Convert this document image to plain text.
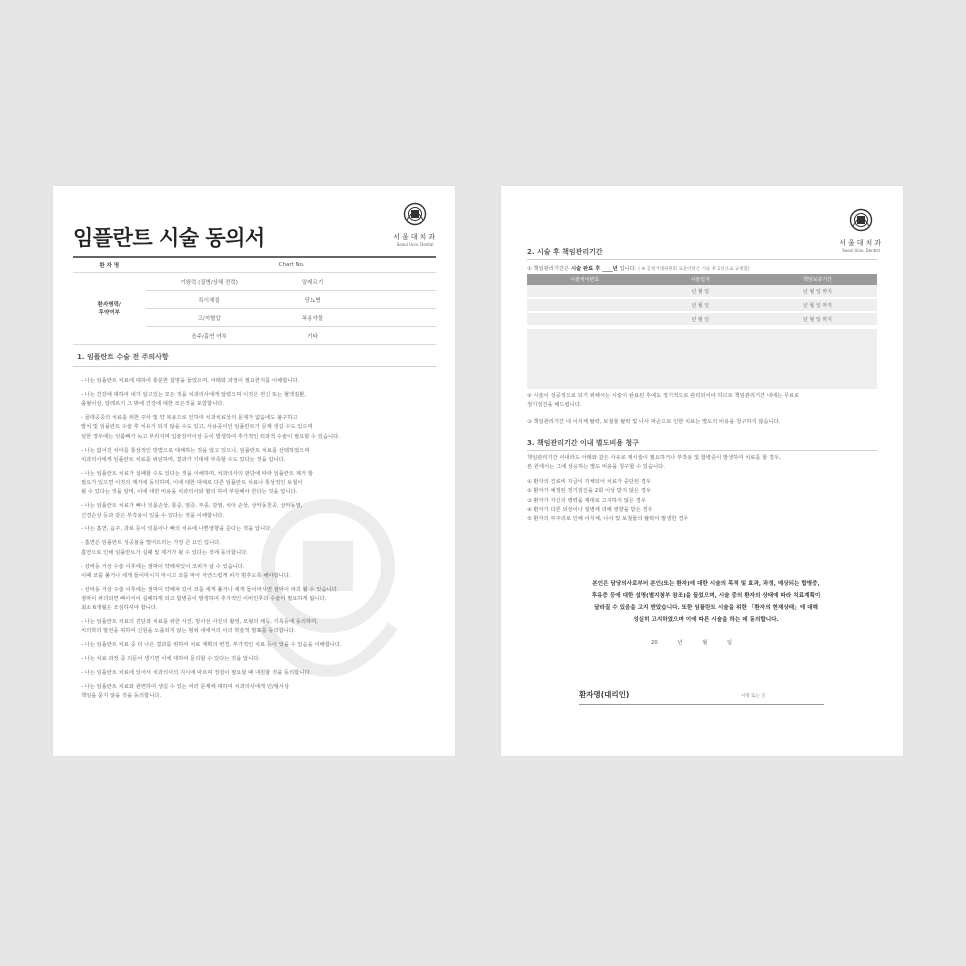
서울대치과
Seoul Univ. Dental
임플란트 시술 동의서
환 자 명		Chart No.	
환자병력/
투약여부	기왕력 (질병/상해 전력)	알레르기	
	특이체질	당뇨병	
	고/저혈압	복용약물	
	음주/흡연 여부	기타	
1. 임플란트 수술 전 주의사항

- 나는 임플란트 치료에 대하여 충분한 설명을 들었으며, 아래와 과정이 필요한지를 이해합니다.

- 나는 건강에 대하여 내가 알고있는 모든 것을 치과의사에게 알렸으며 이것은 전신 또는 혈액질환,
출혈이상, 알레르기 그 밖에 건강에 대한 모든것을 포함합니다.

- 골대공증의 치료를 위한 주사 및 약 복용으로 인하여 치과치료상의 문제가 없음에도 불구하고
발치 및 임플란트 수술 후 치유가 되지 않을 수도 있고, 사용중이던 임플란트가 문제 생길 수도 있으며
심한 경우에는 잇몸뼈가 녹고 부러지며 입술감각이상 등이 발생하여 추가적인 외과적 수술이 필요할 수 있습니다.

- 나는 없어진 치아를 통상적인 방법으로 대체하는 것을 알고 있으나, 임플란트 치료를 선택하였으며
치과의사에게 임플란트 치료를 위임하며, 결과가 기대에 부족할 수도 있다는 것을 압니다.

- 나는 임플란트 치료가 실패할 수도 있다는 것을 이해하며, 치과의사의 판단에 따라 임플란트 제거 할
필요가 있으면 이것의 제거에 동의하며, 이에 대한 대체로 다른 임플란트 치료나 통상적인 보철이
될 수 있다는 것을 알며, 이에 대한 비용을 치과의사와 협의 하여 부담해야 한다는 것을 압니다.

- 나는 임플란트 치료가 뼈나 잇몸손상, 통증, 염증, 부종, 감염, 치아 손상, 상악동천공, 상악동염,
신경손상 등과 같은 부작용이 있을 수 있다는 것을 이해합니다.

- 나는 흡연, 음주, 과로 등이 잇몸이나 뼈의 치유에 나쁜영향을 준다는 것을 압니다.

- 흡연은 임플란트 성공율을 떨어뜨리는 가장 큰 요인 입니다.
흡연으로 인해 임플란트가 실패 및 제거가 될 수 있다는 것에 동의합니다.

- 상악동 거상 수술 이후에는 점막이 약해져있어 코피가 날 수 있습니다.
이때 코를 풀거나 세게 들이마시지 마시고 코를 막아 자연스럽게 피가 멈추도록 해야합니다.

- 상악동 거상 수술 이후에는 점막이 약해져 있어 코를 세게 풀거나 세게 들이마시면 점막이 파괴 될 수 있습니다.
점막이 파괴되면 뼈이식이 실패하게 되고 합병증이 발생하여 추가적인 이비인후과 수술이 필요하게 됩니다.
최소 6개월은 조심하셔야 합니다.

- 나는 임플란트 치료의 진단과 치료를 위한 사진, 방사선 사진의 촬영, 모형의 채득, 기록등에 동의하며,
치의학의 발전을 위하여 신원을 노출되지 않는 범위 내에서의 이의 학술적 발표를 동의합니다.

- 나는 임플란트 치료 중 더 나은 결과를 위하여 치료 계획의 변경, 부가적인 치료 등이 있을 수 있음을 이해합니다.

- 나는 치료 과정 중 의문이 생기면 이에 대하여 문의할 수 있다는 것을 압니다.

- 나는 임플란트 치료에 있어서 치과의사의 지시에 따르며 정검이 필요할 때 내원할 것을 동의합니다.

- 나는 임플란트 치료와 관련하여 생길 수 있는 여러 문제에 대하여 치과의사에게 민/형사상
책임을 묻지 않을 것을 동의합니다.

서울대치과
Seoul Univ. Dentist
2. 시술 후 책임관리기간
① 책임관리기간은 시술 완료 후 ____년 입니다. ( ※ 공정거래위원회 표준약관은 시술 후 1년으로 규정함)
시술치아번호	시술일자	책임보증기간
	년 월 일	년 월 일 까지
	년 월 일	년 월 일 까지
	년 월 일	년 월 일 까지

② 시술이 성공적으로 되기 위해서는 시술이 완료된 후에도 정기적으로 관리되어야 하므로 책임관리기간 내에는 무료로
정기검진을 해드립니다.

③ 책임관리기간 내 이식체 탈락, 보철물 탈락 및 나사 파손으로 인한 치료는 별도의 비용을 청구하지 않습니다.

3. 책임관리기간 이내 별도비용 청구

책임관리기간 이내라도 아래와 같은 사유로 재시술이 필요하거나 부작용 및 합병증이 발생하여 치료를 할 경우,
본 원에서는 그에 상응하는 별도 비용을 청구할 수 있습니다.

① 환자의 진료비 지급이 지체되어 치료가 중단된 경우
② 환자가 예정된 정기검진을 2회 이상 받지 않은 경우
③ 환자가 자신의 병력을 제대로 고지하지 않은 경우
④ 환자가 다른 외상이나 질병에 의해 영향을 받은 경우
⑤ 환자의 부주의로 인해 이식체, 나사 및 보철물의 탈락이 발생한 경우

본인은 담당의사로부터 본인(또는 환자)에 대한 시술의 목적 및 효과, 과정, 예상되는 합병증,
후유증 등에 대한 설명(별지첨부 참조)을 들었으며, 시술 중의 환자의 상태에 따라 치료계획이
달라질 수 있음을 고지 받았습니다. 또한 임플란트 시술을 위한 「환자의 현재상태」에 대해
성실히 고지하였으며 이에 따른 시술을 하는 데 동의합니다.

20 년 월 일
환자명(대리인)	서명 또는 인
